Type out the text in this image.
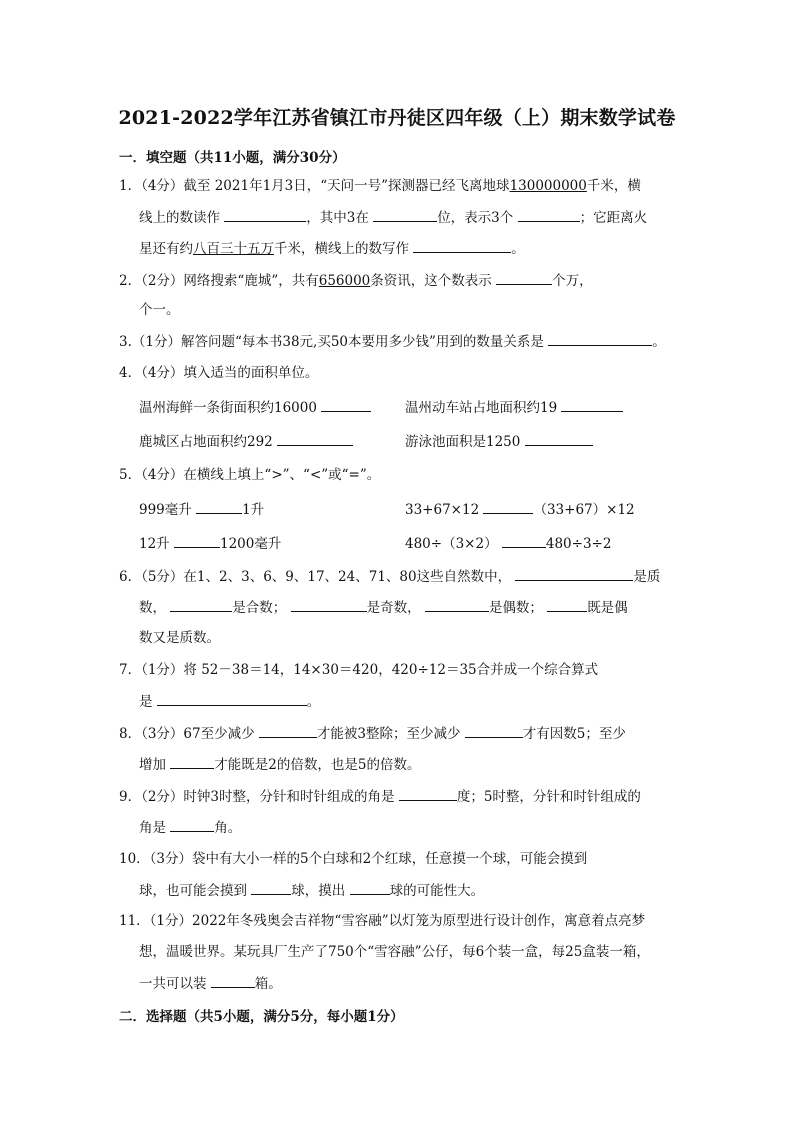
2021-2022学年江苏省镇江市丹徒区四年级（上）期末数学试卷
一．填空题（共11小题，满分30分）
1．（4分）截至 2021年1月3日，“天问一号”探测器已经飞离地球130000000千米，横
线上的数读作	，其中3在	位，表示3个	；它距离火
星还有约八百三十五万千米，横线上的数写作	。
2．（2分）网络搜索“鹿城”，共有656000条资讯，这个数表示	个万，
个一。
3.（1分）解答问题“每本书38元,买50本要用多少钱”用到的数量关系是	。
4．（4分）填入适当的面积单位。
温州海鲜一条街面积约16000	温州动车站占地面积约19
鹿城区占地面积约292	游泳池面积是1250
5．（4分）在横线上填上“>”、“<”或“=”。
999毫升	1升	33+67×12	（33+67）×12
12升	1200毫升	480÷（3×2）	480÷3÷2
6．（5分）在1、2、3、6、9、17、24、71、80这些自然数中，	是质
数，	是合数；	是奇数，	是偶数；	既是偶
数又是质数。
7．（1分）将 52－38＝14，14×30＝420，420÷12＝35合并成一个综合算式
是	。
8．（3分）67至少减少	才能被3整除；至少减少	才有因数5；至少
增加	才能既是2的倍数，也是5的倍数。
9．（2分）时钟3时整，分针和时针组成的角是	度；5时整，分针和时针组成的
角是	角。
10．（3分）袋中有大小一样的5个白球和2个红球，任意摸一个球，可能会摸到
球，也可能会摸到	球，摸出	球的可能性大。
11．（1分）2022年冬残奥会吉祥物“雪容融”以灯笼为原型进行设计创作，寓意着点亮梦
想，温暖世界。某玩具厂生产了750个“雪容融”公仔，每6个装一盒，每25盒装一箱，
一共可以装	箱。
二．选择题（共5小题，满分5分，每小题1分）
